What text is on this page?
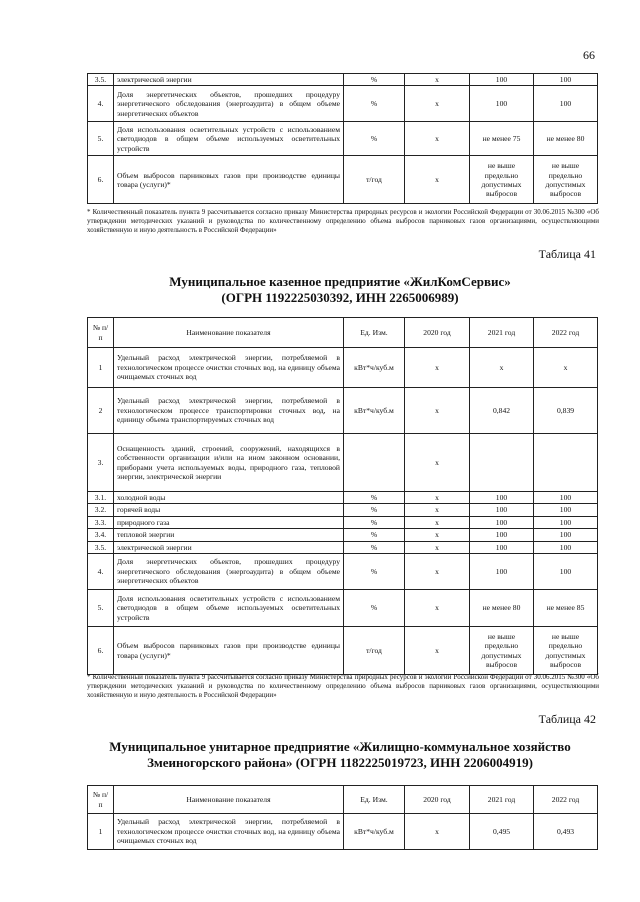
66
3.5.	электрической энергии	%	x	100	100
4.	Доля энергетических объектов, прошедших процедуру энергетического обследования (энергоаудита) в общем объеме энергетических объектов	%	x	100	100
5.	Доля использования осветительных устройств с использованием светодиодов в общем объеме используемых осветительных устройств	%	x	не менее 75	не менее 80
6.	Объем выбросов парниковых газов при производстве единицы товара (услуги)*	т/год	x	не выше предельно допустимых выбросов	не выше предельно допустимых выбросов
* Количественный показатель пункта 9 рассчитывается согласно приказу Министерства природных ресурсов и экологии Российской Федерации от 30.06.2015 №300 «Об утверждении методических указаний и руководства по количественному определению объема выбросов парниковых газов организациями, осуществляющими хозяйственную и иную деятельность в Российской Федерации»
Таблица 41
Муниципальное казенное предприятие «ЖилКомСервис»
(ОГРН 1192225030392, ИНН 2265006989)
№ п/п	Наименование показателя	Ед. Изм.	2020 год	2021 год	2022 год
1	Удельный расход электрической энергии, потребляемой в технологическом процессе очистки сточных вод, на единицу объема очищаемых сточных вод	кВт*ч/куб.м	x	x	x
2	Удельный расход электрической энергии, потребляемой в технологическом процессе транспортировки сточных вод, на единицу объема транспортируемых сточных вод	кВт*ч/куб.м	x	0,842	0,839
3.	Оснащенность зданий, строений, сооружений, находящихся в собственности организации и/или на ином законном основании, приборами учета используемых воды, природного газа, тепловой энергии, электрической энергии		x		
3.1.	холодной воды	%	x	100	100
3.2.	горячей воды	%	x	100	100
3.3.	природного газа	%	x	100	100
3.4.	тепловой энергии	%	x	100	100
3.5.	электрической энергии	%	x	100	100
4.	Доля энергетических объектов, прошедших процедуру энергетического обследования (энергоаудита) в общем объеме энергетических объектов	%	x	100	100
5.	Доля использования осветительных устройств с использованием светодиодов в общем объеме используемых осветительных устройств	%	x	не менее 80	не менее 85
6.	Объем выбросов парниковых газов при производстве единицы товара (услуги)*	т/год	x	не выше предельно допустимых выбросов	не выше предельно допустимых выбросов
* Количественный показатель пункта 9 рассчитывается согласно приказу Министерства природных ресурсов и экологии Российской Федерации от 30.06.2015 №300 «Об утверждении методических указаний и руководства по количественному определению объема выбросов парниковых газов организациями, осуществляющими хозяйственную и иную деятельность в Российской Федерации»
Таблица 42
Муниципальное унитарное предприятие «Жилищно-коммунальное хозяйство
Змеиногорского района» (ОГРН 1182225019723, ИНН 2206004919)
№ п/п	Наименование показателя	Ед. Изм.	2020 год	2021 год	2022 год
1	Удельный расход электрической энергии, потребляемой в технологическом процессе очистки сточных вод, на единицу объема очищаемых сточных вод	кВт*ч/куб.м	x	0,495	0,493
